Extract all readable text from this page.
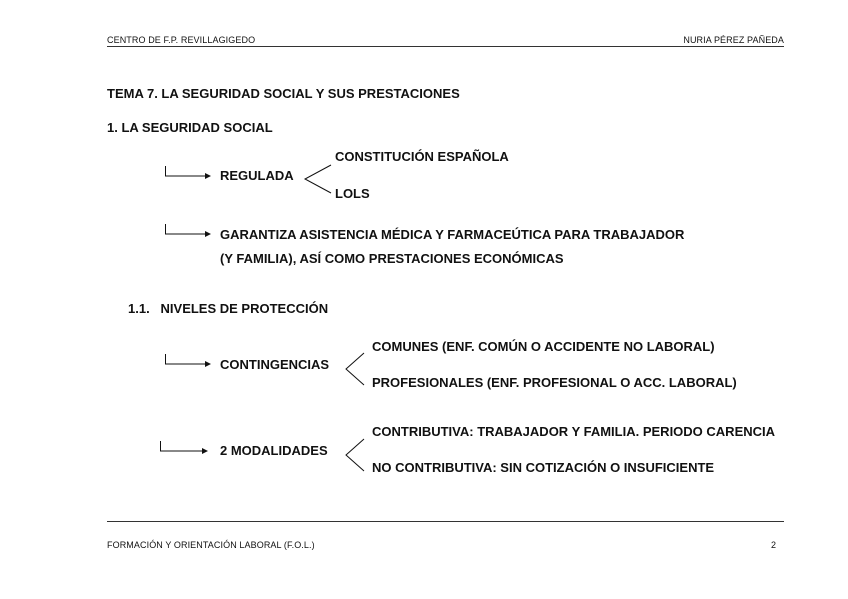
CENTRO DE F.P. REVILLAGIGEDO	NURIA PÉREZ PAÑEDA
TEMA 7. LA SEGURIDAD SOCIAL Y SUS PRESTACIONES
1. LA SEGURIDAD SOCIAL
REGULADA
CONSTITUCIÓN ESPAÑOLA
LOLS
GARANTIZA ASISTENCIA MÉDICA Y FARMACEÚTICA PARA TRABAJADOR
(Y FAMILIA), ASÍ COMO PRESTACIONES ECONÓMICAS
1.1.   NIVELES DE PROTECCIÓN
CONTINGENCIAS
COMUNES (ENF. COMÚN O ACCIDENTE NO LABORAL)
PROFESIONALES (ENF. PROFESIONAL O ACC. LABORAL)
2 MODALIDADES
CONTRIBUTIVA: TRABAJADOR Y FAMILIA. PERIODO CARENCIA
NO CONTRIBUTIVA: SIN COTIZACIÓN O INSUFICIENTE
FORMACIÓN Y ORIENTACIÓN LABORAL (F.O.L.)	2
